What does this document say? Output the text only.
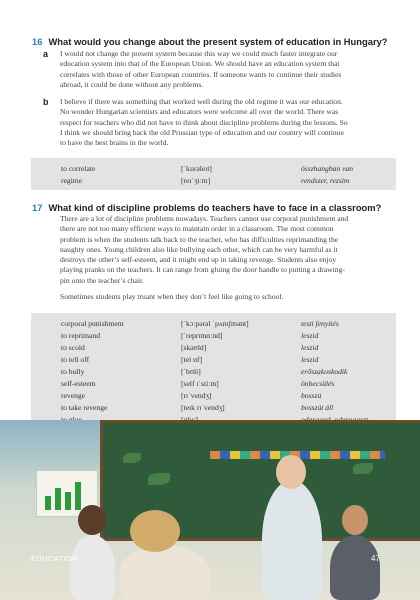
16 What would you change about the present system of education in Hungary?
a I would not change the present system because this way we could much faster integrate our
education system into that of the European Union. We should have an education system that
correlates with those of other European countries. If someone wants to continue their studies
abroad, it could be done without any problems.
b I believe if there was something that worked well during the old regime it was our education.
No wonder Hungarian scientists and educators were welcome all over the world. There was
respect for teachers who did not have to think about discipline problems during the lessons. So
I think we should bring back the old Prussian type of education and our country will continue
to have the best brains in the world.
to correlate	[ˈkɒrəleɪt]	összhangban van
regime	[reɪˈʒiːm]	rendszer, rezsim
17 What kind of discipline problems do teachers have to face in a classroom?
There are a lot of discipline problems nowadays. Teachers cannot use corporal punishment and
there are not too many efficient ways to maintain order in a classroom. The most common
problem is when the students talk back to the teacher, who has difficulties reprimanding the
naughty ones. Young children also like bullying each other, which can be very harmful as it
destroys the other’s self-esteem, and it might end up in taking revenge. Students also enjoy
playing pranks on the teachers. It can range from gluing the door handle to putting a drawing-
pin onto the teacher’s chair.
Sometimes students play truant when they don’t feel like going to school.
corporal punishment	[ˈkɔːpərəl ˈpʌnɪʃmənt]	testi fenyítés
to reprimand	[ˈreprɪmɑːnd]	leszid
to scold	[skəʊld]	leszid
to tell off	[tel ɒf]	leszid
to bully	[ˈbʊli]	erőszakoskodik
self-esteem	[self ɪˈstiːm]	önbecsülés
revenge	[rɪˈvendʒ]	bosszú
to take revenge	[teɪk rɪˈvendʒ]	bosszút áll
EDUCATION	47
